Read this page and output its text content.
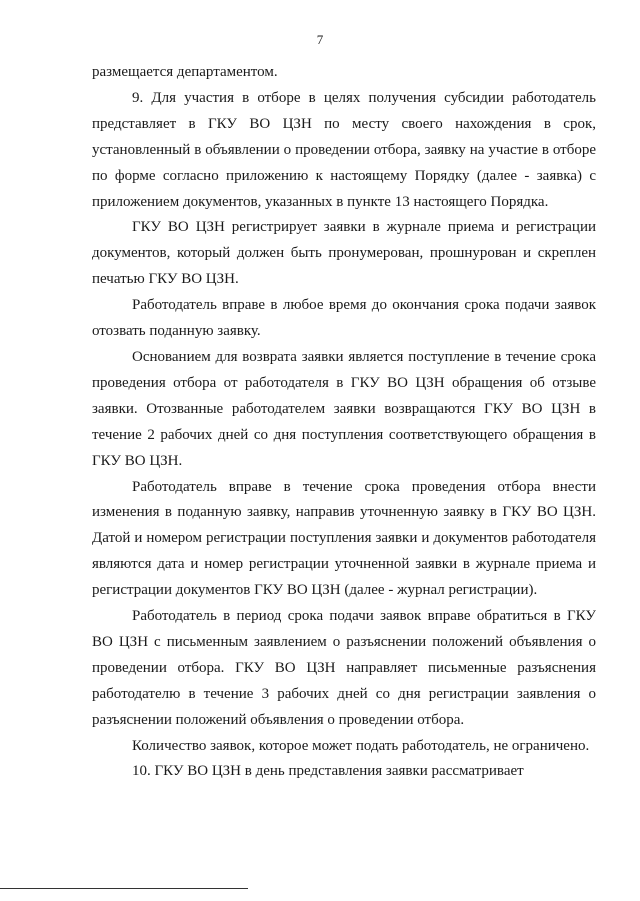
7

размещается департаментом.

9. Для участия в отборе в целях получения субсидии работодатель представляет в ГКУ ВО ЦЗН по месту своего нахождения в срок, установленный в объявлении о проведении отбора, заявку на участие в отборе по форме согласно приложению к настоящему Порядку (далее - заявка) с приложением документов, указанных в пункте 13 настоящего Порядка.

ГКУ ВО ЦЗН регистрирует заявки в журнале приема и регистрации документов, который должен быть пронумерован, прошнурован и скреплен печатью ГКУ ВО ЦЗН.

Работодатель вправе в любое время до окончания срока подачи заявок отозвать поданную заявку.

Основанием для возврата заявки является поступление в течение срока проведения отбора от работодателя в ГКУ ВО ЦЗН обращения об отзыве заявки. Отозванные работодателем заявки возвращаются ГКУ ВО ЦЗН в течение 2 рабочих дней со дня поступления соответствующего обращения в ГКУ ВО ЦЗН.

Работодатель вправе в течение срока проведения отбора внести изменения в поданную заявку, направив уточненную заявку в ГКУ ВО ЦЗН. Датой и номером регистрации поступления заявки и документов работодателя являются дата и номер регистрации уточненной заявки в журнале приема и регистрации документов ГКУ ВО ЦЗН (далее - журнал регистрации).

Работодатель в период срока подачи заявок вправе обратиться в ГКУ ВО ЦЗН с письменным заявлением о разъяснении положений объявления о проведении отбора. ГКУ ВО ЦЗН направляет письменные разъяснения работодателю в течение 3 рабочих дней со дня регистрации заявления о разъяснении положений объявления о проведении отбора.

Количество заявок, которое может подать работодатель, не ограничено.

10. ГКУ ВО ЦЗН в день представления заявки рассматривает
